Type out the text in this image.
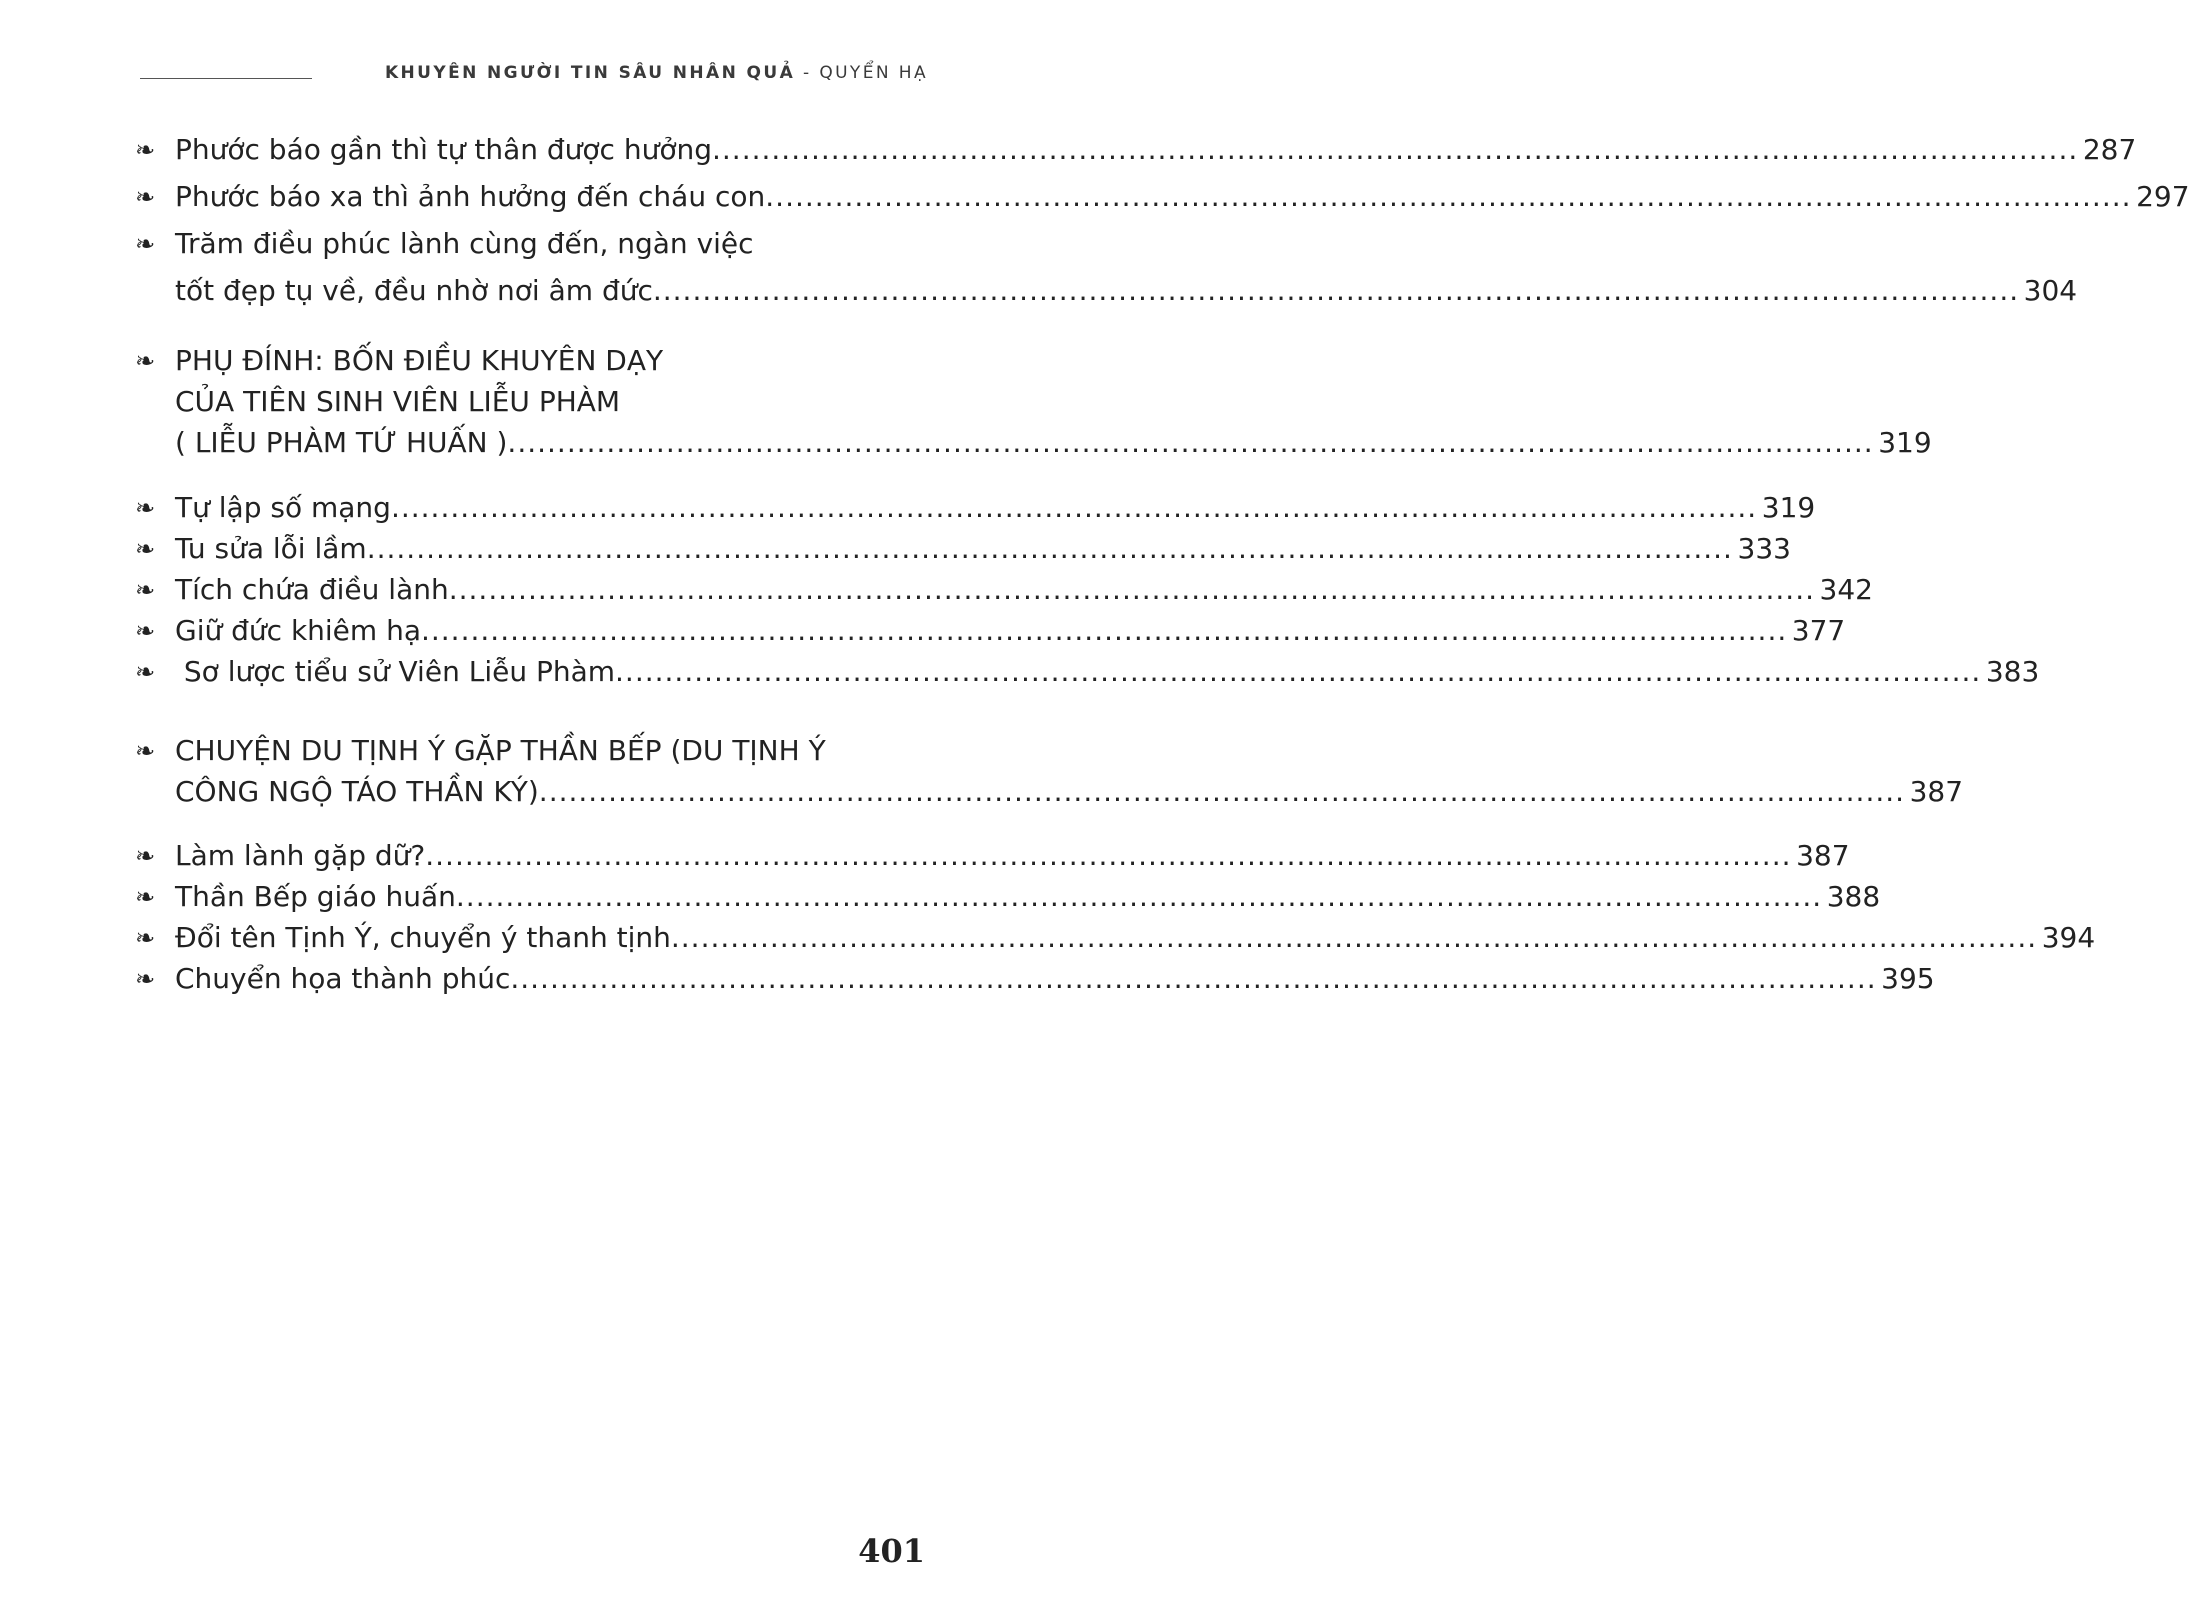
KHUYÊN NGƯỜI TIN SÂU NHÂN QUẢ - QUYỂN HẠ
❧ Phước báo gần thì tự thân được hưởng .......................................................................................................................................... 287
❧ Phước báo xa thì ảnh hưởng đến cháu con .......................................................................................................................................... 297
❧ Trăm điều phúc lành cùng đến, ngàn việc
tốt đẹp tụ về, đều nhờ nơi âm đức .......................................................................................................................................... 304
❧ PHỤ ĐÍNH: BỐN ĐIỀU KHUYÊN DẠY
CỦA TIÊN SINH VIÊN LIỄU PHÀM
( LIỄU PHÀM TỨ HUẤN ) .......................................................................................................................................... 319
❧ Tự lập số mạng .......................................................................................................................................... 319
❧ Tu sửa lỗi lầm .......................................................................................................................................... 333
❧ Tích chứa điều lành .......................................................................................................................................... 342
❧ Giữ đức khiêm hạ .......................................................................................................................................... 377
❧ Sơ lược tiểu sử Viên Liễu Phàm .......................................................................................................................................... 383
❧ CHUYỆN DU TỊNH Ý GẶP THẦN BẾP (DU TỊNH Ý
CÔNG NGỘ TÁO THẦN KÝ) .......................................................................................................................................... 387
❧ Làm lành gặp dữ? .......................................................................................................................................... 387
❧ Thần Bếp giáo huấn .......................................................................................................................................... 388
❧ Đổi tên Tịnh Ý, chuyển ý thanh tịnh .......................................................................................................................................... 394
❧ Chuyển họa thành phúc .......................................................................................................................................... 395
401
